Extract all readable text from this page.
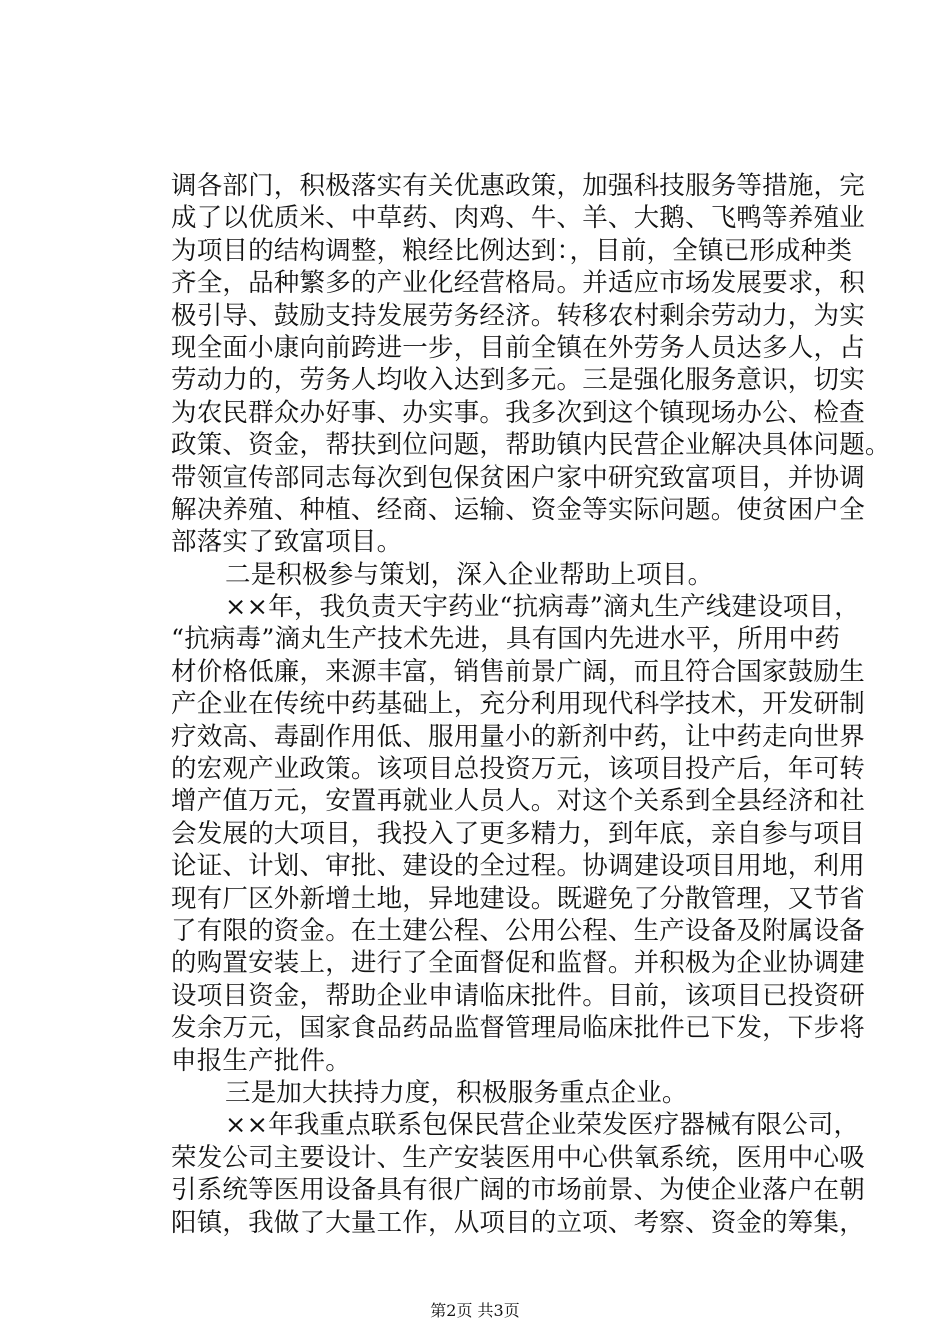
调各部门，积极落实有关优惠政策，加强科技服务等措施，完
成了以优质米、中草药、肉鸡、牛、羊、大鹅、飞鸭等养殖业
为项目的结构调整，粮经比例达到：，目前，全镇已形成种类
齐全，品种繁多的产业化经营格局。并适应市场发展要求，积
极引导、鼓励支持发展劳务经济。转移农村剩余劳动力，为实
现全面小康向前跨进一步，目前全镇在外劳务人员达多人，占
劳动力的，劳务人均收入达到多元。三是强化服务意识，切实
为农民群众办好事、办实事。我多次到这个镇现场办公、检查
政策、资金，帮扶到位问题，帮助镇内民营企业解决具体问题。
带领宣传部同志每次到包保贫困户家中研究致富项目，并协调
解决养殖、种植、经商、运输、资金等实际问题。使贫困户全
部落实了致富项目。
二是积极参与策划，深入企业帮助上项目。
××年，我负责天宇药业“抗病毒”滴丸生产线建设项目，
“抗病毒”滴丸生产技术先进，具有国内先进水平，所用中药
材价格低廉，来源丰富，销售前景广阔，而且符合国家鼓励生
产企业在传统中药基础上，充分利用现代科学技术，开发研制
疗效高、毒副作用低、服用量小的新剂中药，让中药走向世界
的宏观产业政策。该项目总投资万元，该项目投产后，年可转
增产值万元，安置再就业人员人。对这个关系到全县经济和社
会发展的大项目，我投入了更多精力，到年底，亲自参与项目
论证、计划、审批、建设的全过程。协调建设项目用地，利用
现有厂区外新增土地，异地建设。既避免了分散管理，又节省
了有限的资金。在土建公程、公用公程、生产设备及附属设备
的购置安装上，进行了全面督促和监督。并积极为企业协调建
设项目资金，帮助企业申请临床批件。目前，该项目已投资研
发余万元，国家食品药品监督管理局临床批件已下发，下步将
申报生产批件。
三是加大扶持力度，积极服务重点企业。
××年我重点联系包保民营企业荣发医疗器械有限公司，
荣发公司主要设计、生产安装医用中心供氧系统，医用中心吸
引系统等医用设备具有很广阔的市场前景、为使企业落户在朝
阳镇，我做了大量工作，从项目的立项、考察、资金的筹集，
第2页 共3页
